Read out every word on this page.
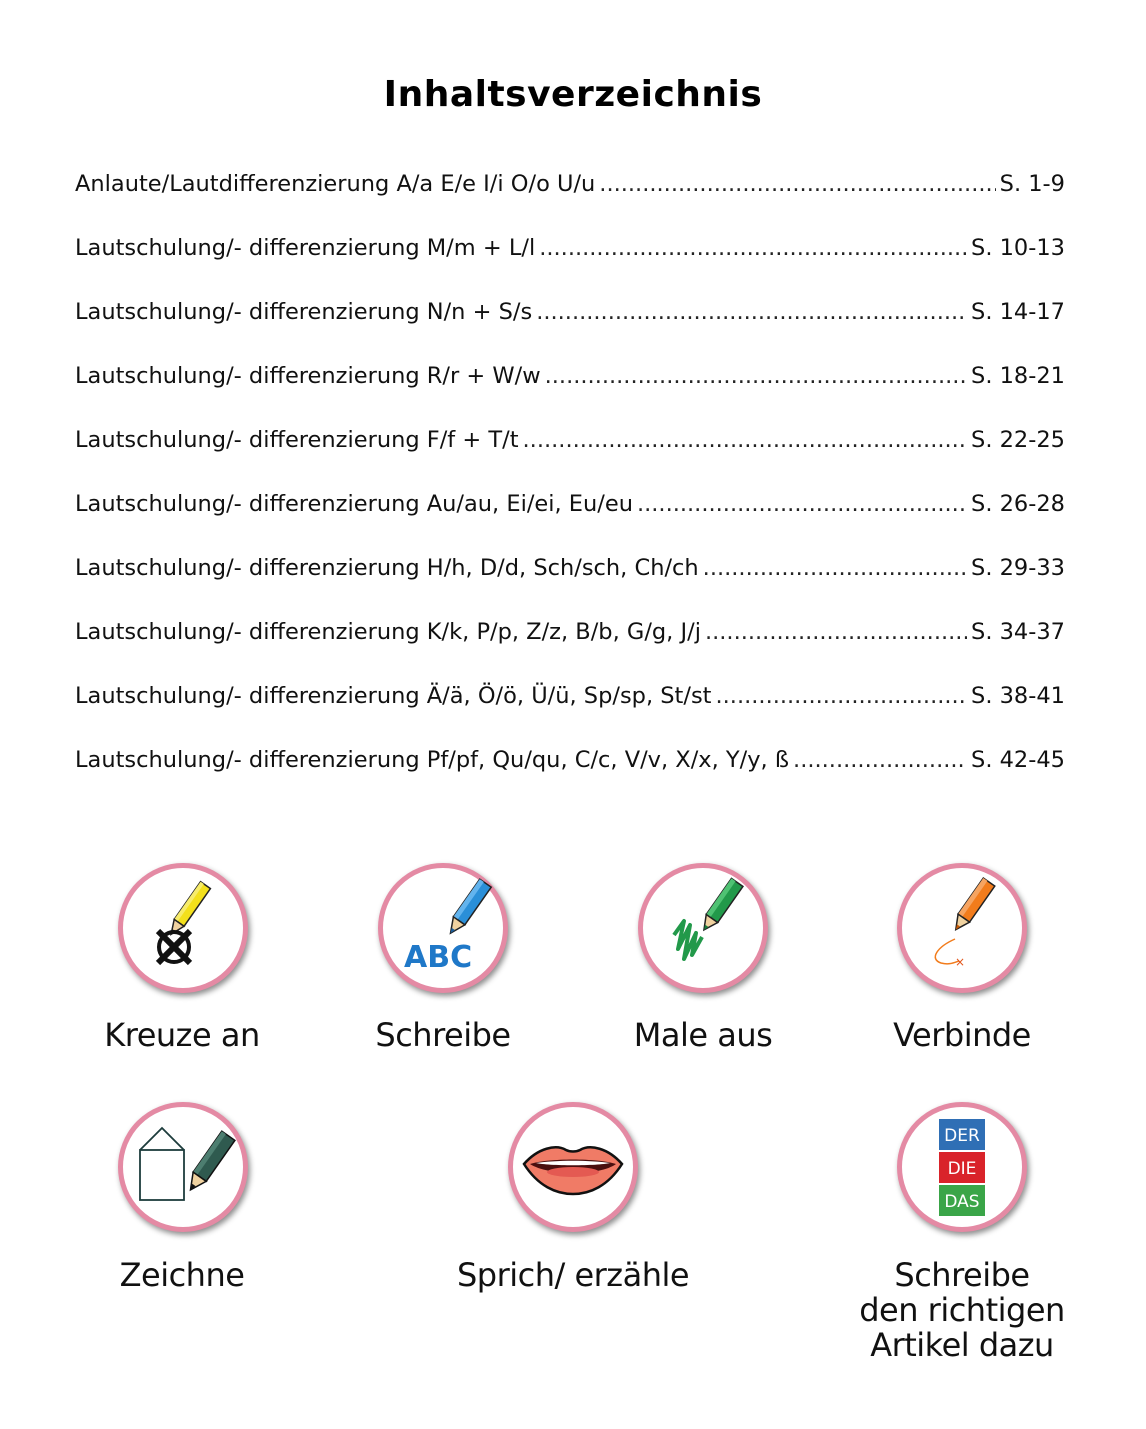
Inhaltsverzeichnis
Anlaute/Lautdifferenzierung A/a E/e I/i O/o U/u .....	S. 1-9
Lautschulung/- differenzierung M/m + L/l .....	S. 10-13
Lautschulung/- differenzierung N/n + S/s .....	S. 14-17
Lautschulung/- differenzierung R/r + W/w .....	S. 18-21
Lautschulung/- differenzierung F/f + T/t .....	S. 22-25
Lautschulung/- differenzierung Au/au, Ei/ei, Eu/eu .....	S. 26-28
Lautschulung/- differenzierung H/h, D/d, Sch/sch, Ch/ch .....	S. 29-33
Lautschulung/- differenzierung K/k, P/p, Z/z, B/b, G/g, J/j .....	S. 34-37
Lautschulung/- differenzierung Ä/ä, Ö/ö, Ü/ü, Sp/sp, St/st .....	S. 38-41
Lautschulung/- differenzierung Pf/pf, Qu/qu, C/c, V/v, X/x, Y/y, ß .....	S. 42-45
Kreuze an
ABC
Schreibe	Male aus
×
Verbinde
Zeichne	Sprich/ erzähle
DER
DIE
DAS
Schreibe
den richtigen
Artikel dazu
